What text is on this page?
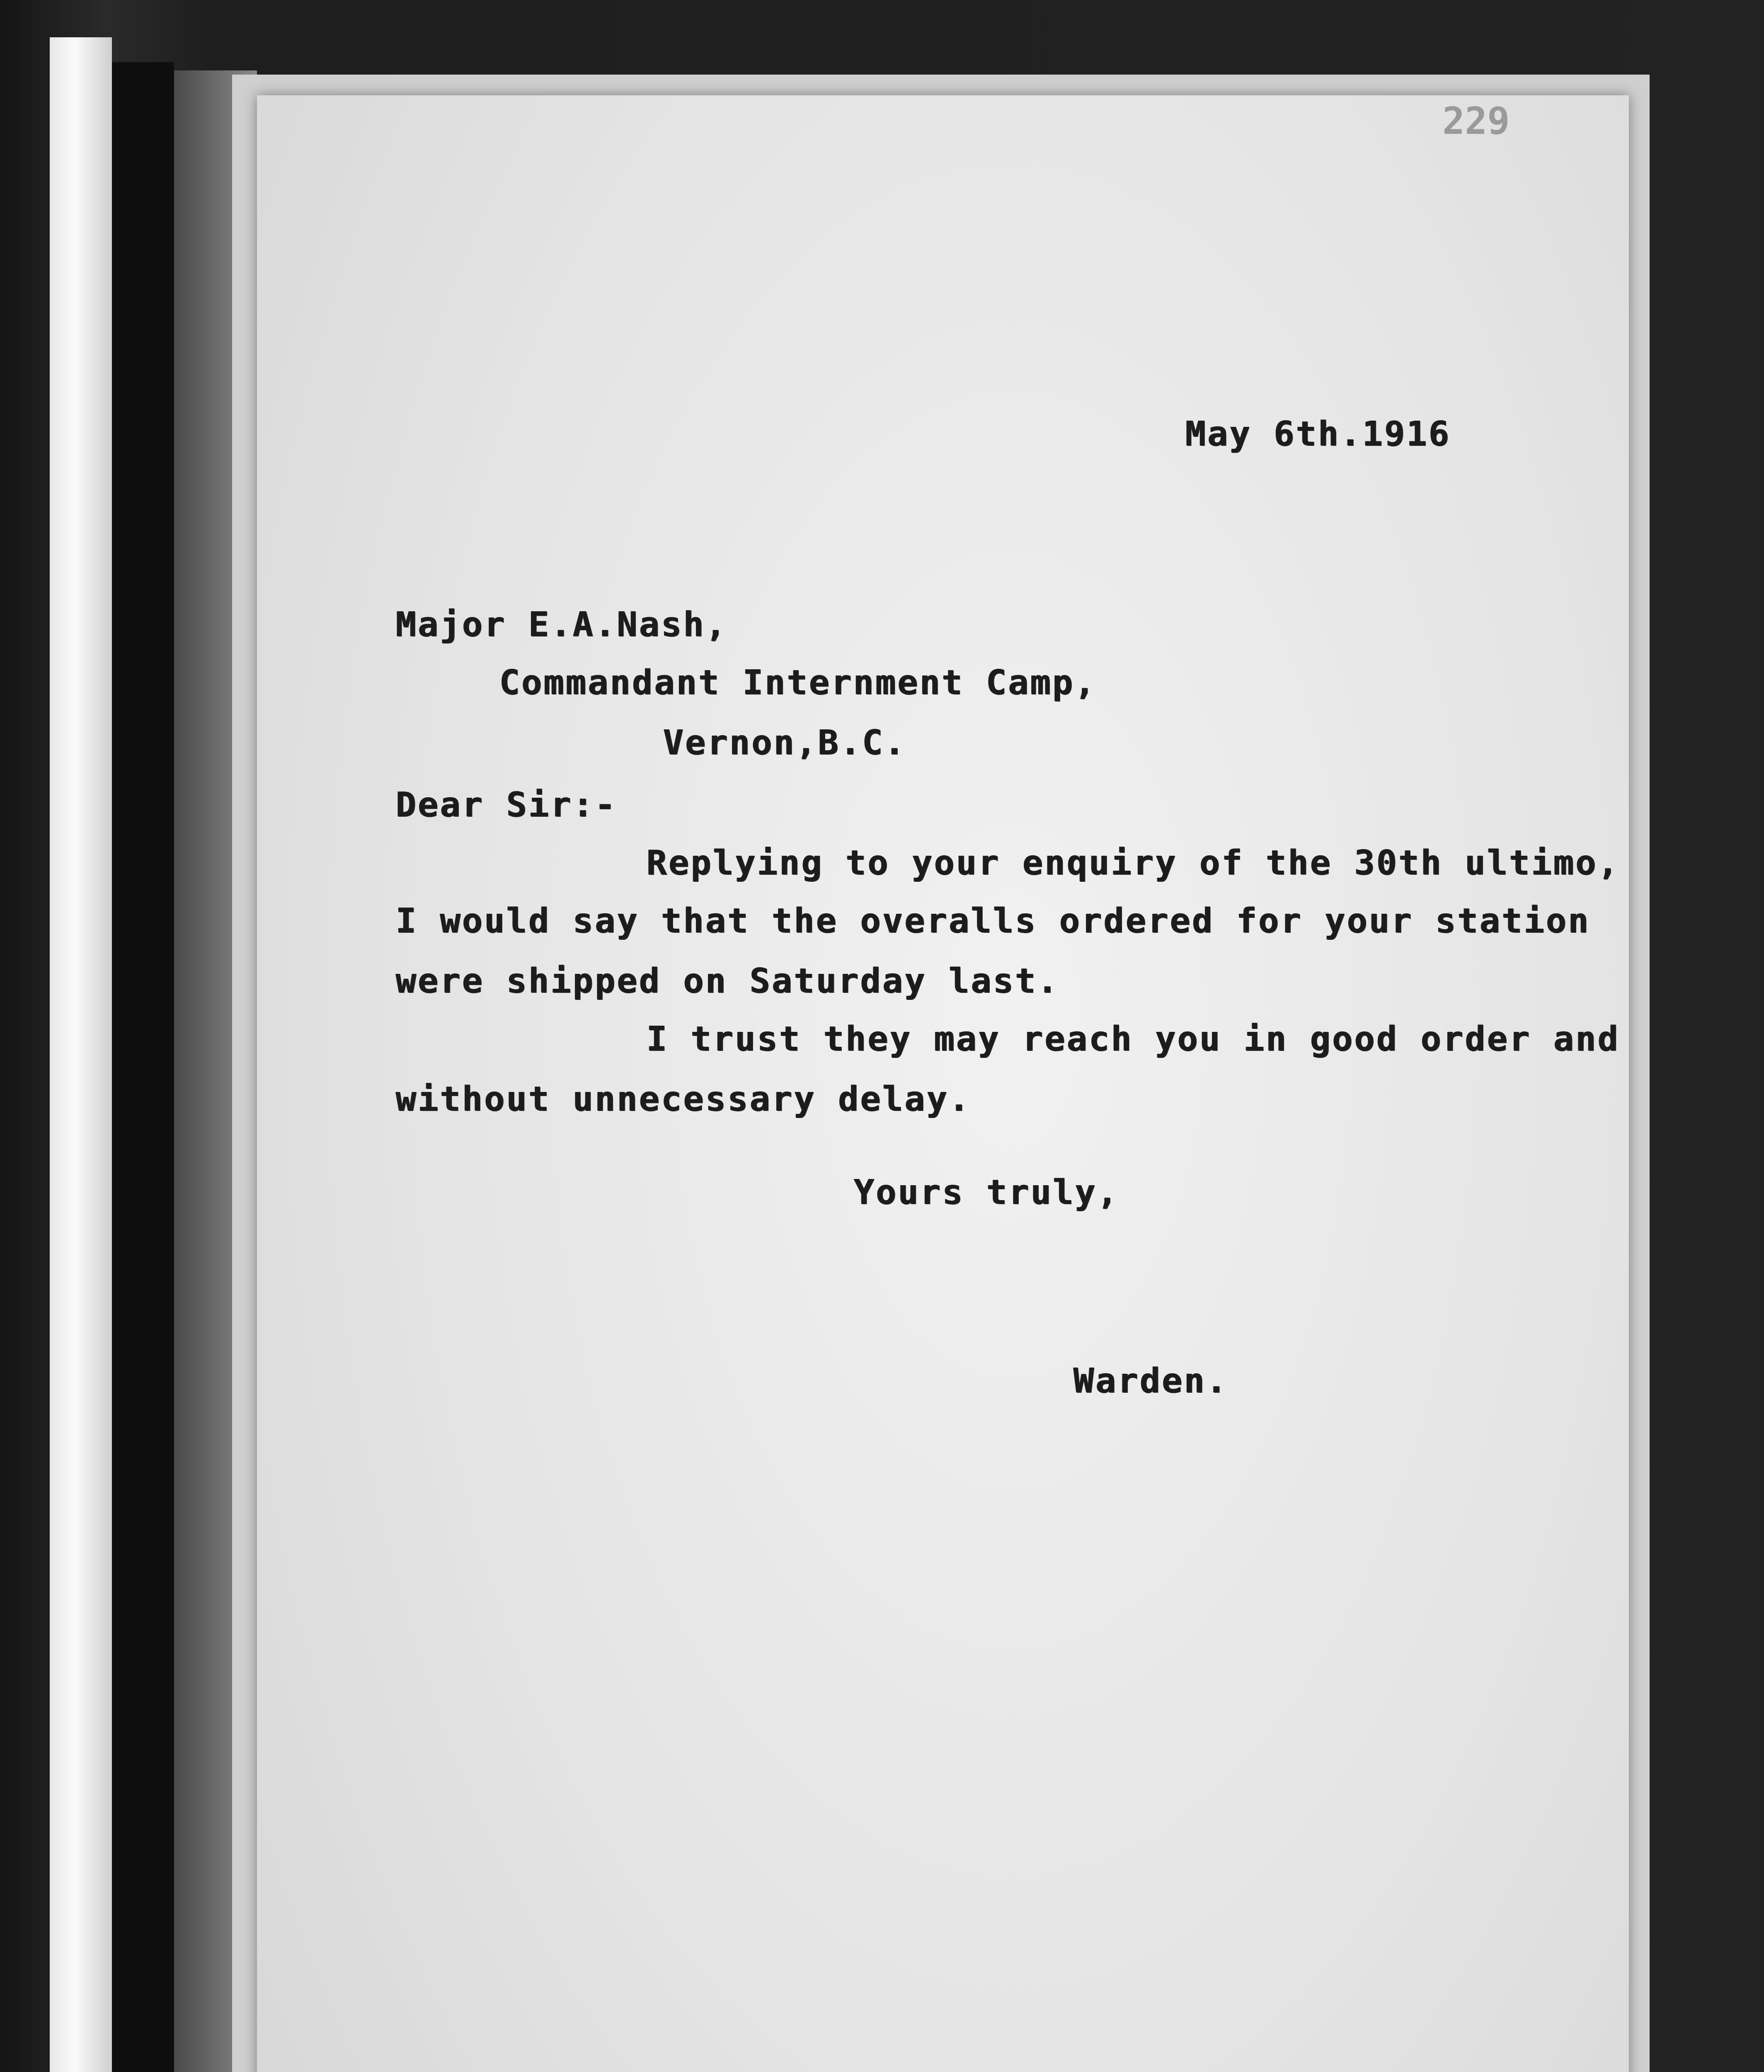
229
May 6th.1916
Major E.A.Nash,
Commandant Internment Camp,
Vernon,B.C.
Dear Sir:-
Replying to your enquiry of the 30th ultimo,
I would say that the overalls ordered for your station
were shipped on Saturday last.
I trust they may reach you in good order and
without unnecessary delay.
Yours truly,
Warden.
